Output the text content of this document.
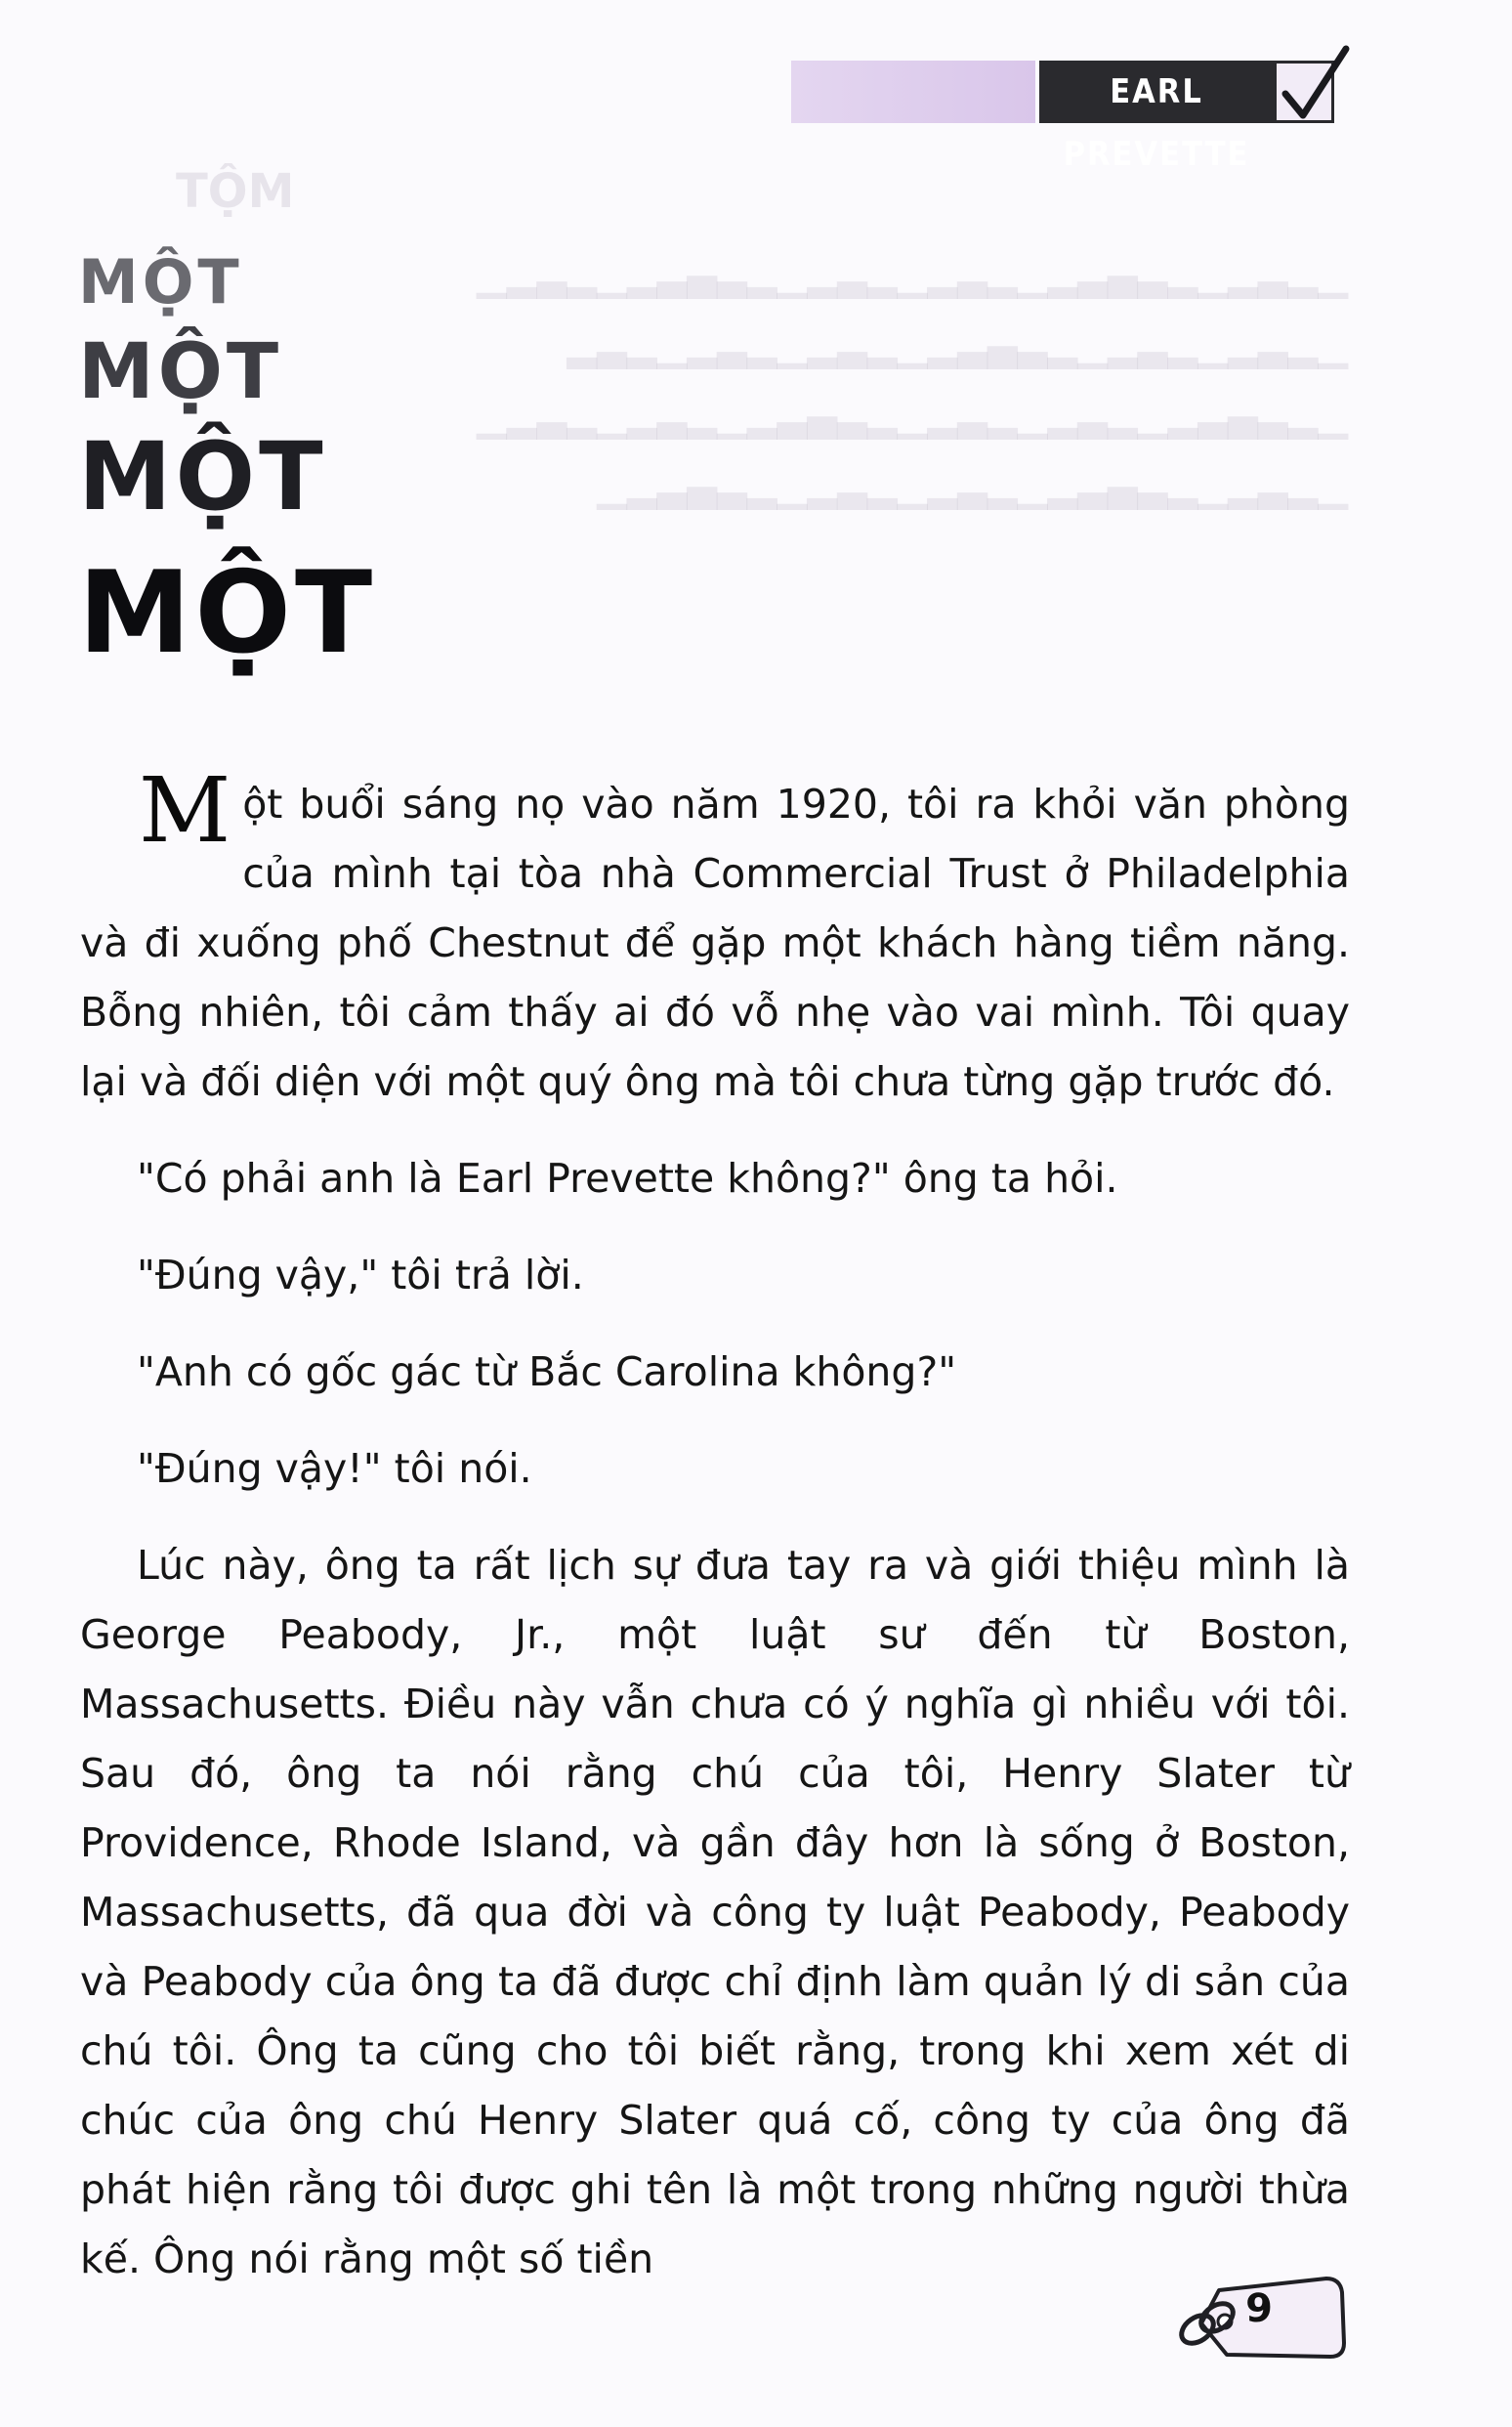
MỘT

▁▂▃▂▁▂▃▄▃▂▁▂▃▂▁▂▃▂▁▂▃▄▃▂▁▂▃▂▁
▁▂▃▂▁▂▃▂▁▂▃▄▃▂▁▂▃▂▁▂▃▂▁▂▃▂
▁▂▃▄▃▂▁▂▃▂▁▂▃▂▁▂▃▄▃▂▁▂▃▂▁▂▃▂▁
▁▂▃▂▁▂▃▄▃▂▁▂▃▂▁▂▃▂▁▂▃▄▃▂▁

EARL PREVETTE
MỘT
MỘT
MỘT
MỘT

Một buổi sáng nọ vào năm 1920, tôi ra khỏi văn phòng của mình tại tòa nhà Commercial Trust ở Philadelphia và đi xuống phố Chestnut để gặp một khách hàng tiềm năng. Bỗng nhiên, tôi cảm thấy ai đó vỗ nhẹ vào vai mình. Tôi quay lại và đối diện với một quý ông mà tôi chưa từng gặp trước đó.

"Có phải anh là Earl Prevette không?" ông ta hỏi.

"Đúng vậy," tôi trả lời.

"Anh có gốc gác từ Bắc Carolina không?"

"Đúng vậy!" tôi nói.

Lúc này, ông ta rất lịch sự đưa tay ra và giới thiệu mình là George Peabody, Jr., một luật sư đến từ Boston, Massachusetts. Điều này vẫn chưa có ý nghĩa gì nhiều với tôi. Sau đó, ông ta nói rằng chú của tôi, Henry Slater từ Providence, Rhode Island, và gần đây hơn là sống ở Boston, Massachusetts, đã qua đời và công ty luật Peabody, Peabody và Peabody của ông ta đã được chỉ định làm quản lý di sản của chú tôi. Ông ta cũng cho tôi biết rằng, trong khi xem xét di chúc của ông chú Henry Slater quá cố, công ty của ông đã phát hiện rằng tôi được ghi tên là một trong những người thừa kế. Ông nói rằng một số tiền

9
